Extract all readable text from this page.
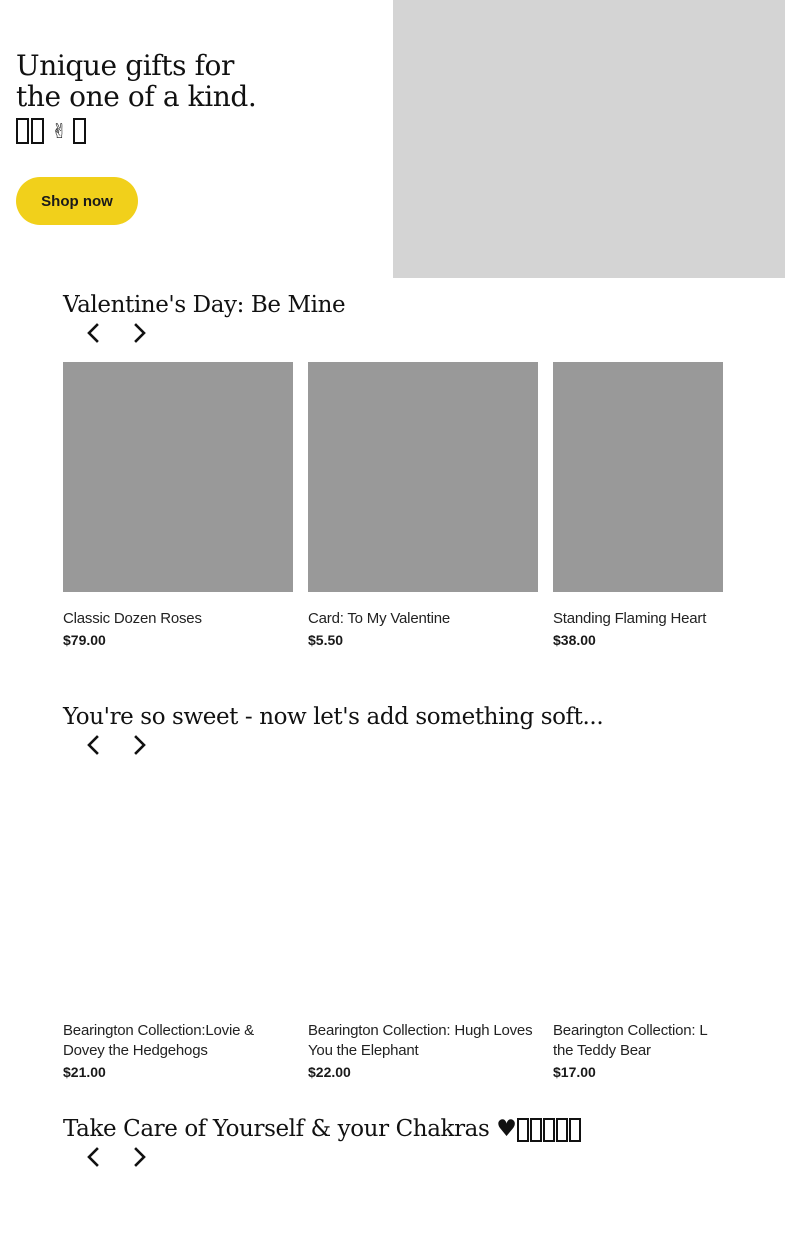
Unique gifts for
the one of a kind.
✌
Shop now
Valentine's Day: Be Mine
Classic Dozen Roses
$79.00
Card: To My Valentine
$5.50
Standing Flaming Heart
$38.00
You're so sweet - now let's add something soft...
Bearington Collection:Lovie & Dovey the Hedgehogs
$21.00
Bearington Collection: Hugh Loves You the Elephant
$22.00
Bearington Collection: L the Teddy Bear
$17.00
Take Care of Yourself & your Chakras ♥
